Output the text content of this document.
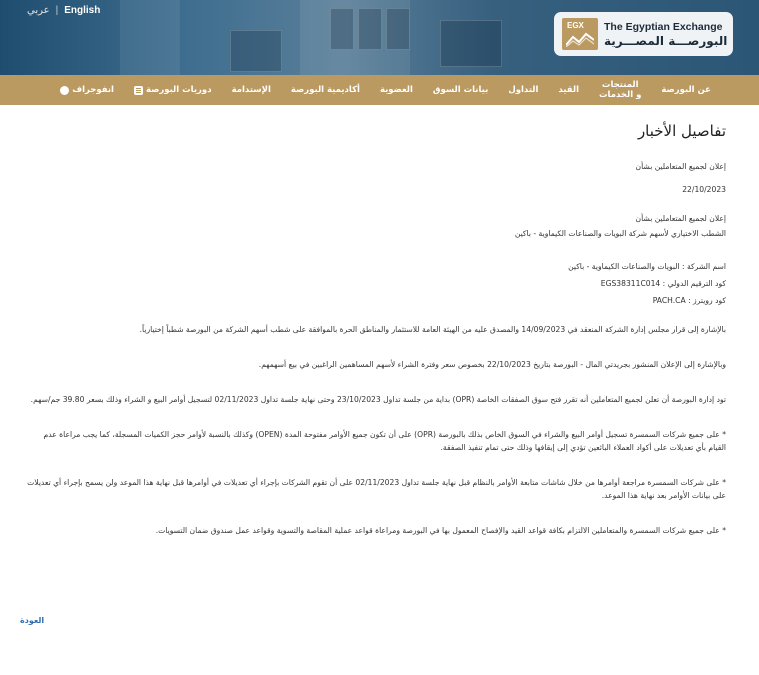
عربي | English
EGX The Egyptian Exchange
البورصـــة المصـــرية
عن البورصة
المنتجات
و الخدمات
القيد
التداول
بيانات السوق
العضوية
أكاديمية البورصة
الإستدامة
دوريات البورصة
انفوجراف
تفاصيل الأخبار

إعلان لجميع المتعاملين بشأن

22/10/2023

إعلان لجميع المتعاملين بشأن

الشطب الاختياري لأسهم شركة البويات والصناعات الكيماوية - باكين

اسم الشركة : البويات والصناعات الكيماوية - باكين

كود الترقيم الدولي : EGS38311C014

كود رويترز : PACH.CA

بالإشارة إلى قرار مجلس إدارة الشركة المنعقد في 14/09/2023 والمصدق عليه من الهيئة العامة للاستثمار والمناطق الحرة بالموافقة على شطب أسهم الشركة من البورصة شطباً إختيارياً.

وبالإشارة إلى الإعلان المنشور بجريدتي المال - البورصة بتاريخ 22/10/2023 بخصوص سعر وفترة الشراء لأسهم المساهمين الراغبين في بيع أسهمهم.

تود إدارة البورصة أن تعلن لجميع المتعاملين أنه تقرر فتح سوق الصفقات الخاصة (OPR) بداية من جلسة تداول 23/10/2023 وحتى نهاية جلسة تداول 02/11/2023 لتسجيل أوامر البيع و الشراء وذلك بسعر 39.80 جم/سهم.

* على جميع شركات السمسرة تسجيل أوامر البيع والشراء في السوق الخاص بذلك بالبورصة (OPR) على أن تكون جميع الأوامر مفتوحة المدة (OPEN) وكذلك بالنسبة لأوامر حجز الكميات المسجلة، كما يجب مراعاة عدم القيام بأي تعديلات على أكواد العملاء البائعين تؤدي إلى إيقافها وذلك حتى تمام تنفيذ الصفقة.

* على شركات السمسرة مراجعة أوامرها من خلال شاشات متابعة الأوامر بالنظام قبل نهاية جلسة تداول 02/11/2023 على أن تقوم الشركات بإجراء أي تعديلات في أوامرها قبل نهاية هذا الموعد ولن يسمح بإجراء أي تعديلات على بيانات الأوامر بعد نهاية هذا الموعد.

* على جميع شركات السمسرة والمتعاملين الالتزام بكافة قواعد القيد والإفصاح المعمول بها في البورصة ومراعاة قواعد عملية المقاصة والتسوية وقواعد عمل صندوق ضمان التسويات.

العودة
